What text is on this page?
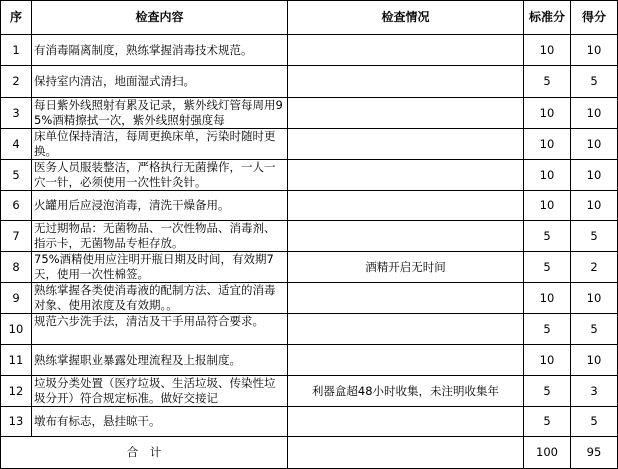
序	检查内容	检查情况	标准分	得分
1	有消毒隔离制度，熟练掌握消毒技术规范。		10	10
2	保持室内清洁，地面湿式清扫。		5	5
3	每日紫外线照射有累及记录，紫外线灯管每周用95%酒精擦拭一次，紫外线照射强度每		10	10
4	床单位保持清洁，每周更换床单，污染时随时更换。		10	10
5	医务人员服装整洁，严格执行无菌操作，一人一穴一针，必须使用一次性针灸针。		10	10
6	火罐用后应浸泡消毒，清洗干燥备用。		10	10
7	无过期物品：无菌物品、一次性物品、消毒剂、指示卡，无菌物品专柜存放。		5	5
8	75%酒精使用应注明开瓶日期及时间，有效期7天，使用一次性棉签。	酒精开启无时间	5	2
9	熟练掌握各类使消毒液的配制方法、适宜的消毒对象、使用浓度及有效期。。		10	10
10	规范六步洗手法，清洁及干手用品符合要求。		5	5
11	熟练掌握职业暴露处理流程及上报制度。		10	10
12	垃圾分类处置（医疗垃圾、生活垃圾、传染性垃圾分开）符合规定标准。做好交接记	利器盒超48小时收集，未注明收集年	5	3
13	墩布有标志，悬挂晾干。		5	5
合　计			100	95
